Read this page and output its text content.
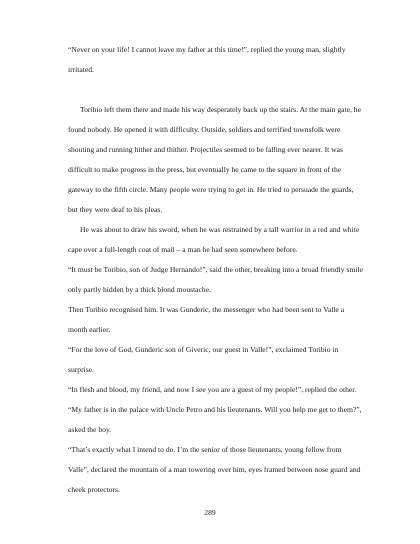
“Never on your life! I cannot leave my father at this time!”, replied the young man, slightly irritated.

Toribio left them there and made his way desperately back up the stairs. At the main gate, he found nobody. He opened it with difficulty. Outside, soldiers and terrified townsfolk were shouting and running hither and thither. Projectiles seemed to be falling ever nearer. It was difficult to make progress in the press, but eventually he came to the square in front of the gateway to the fifth circle. Many people were trying to get in. He tried to persuade the guards, but they were deaf to his pleas.

He was about to draw his sword, when he was restrained by a tall warrior in a red and white cape over a full-length coat of mail – a man he had seen somewhere before.

“It must be Toribio, son of Judge Hernando!”, said the other, breaking into a broad friendly smile only partly hidden by a thick blond moustache.

Then Toribio recognised him. It was Gunderic, the messenger who had been sent to Valle a month earlier.

“For the love of God, Gunderic son of Giveric, our guest in Valle!”, exclaimed Toribio in surprise.

“In flesh and blood, my friend, and now I see you are a guest of my people!”, replied the other.

“My father is in the palace with Uncle Petro and his lieutenants. Will you help me get to them?”, asked the boy.

“That’s exactly what I intend to do. I’m the senior of those lieutenants, young fellow from Valle”, declared the mountain of a man towering over him, eyes framed between nose guard and cheek protectors.

289
